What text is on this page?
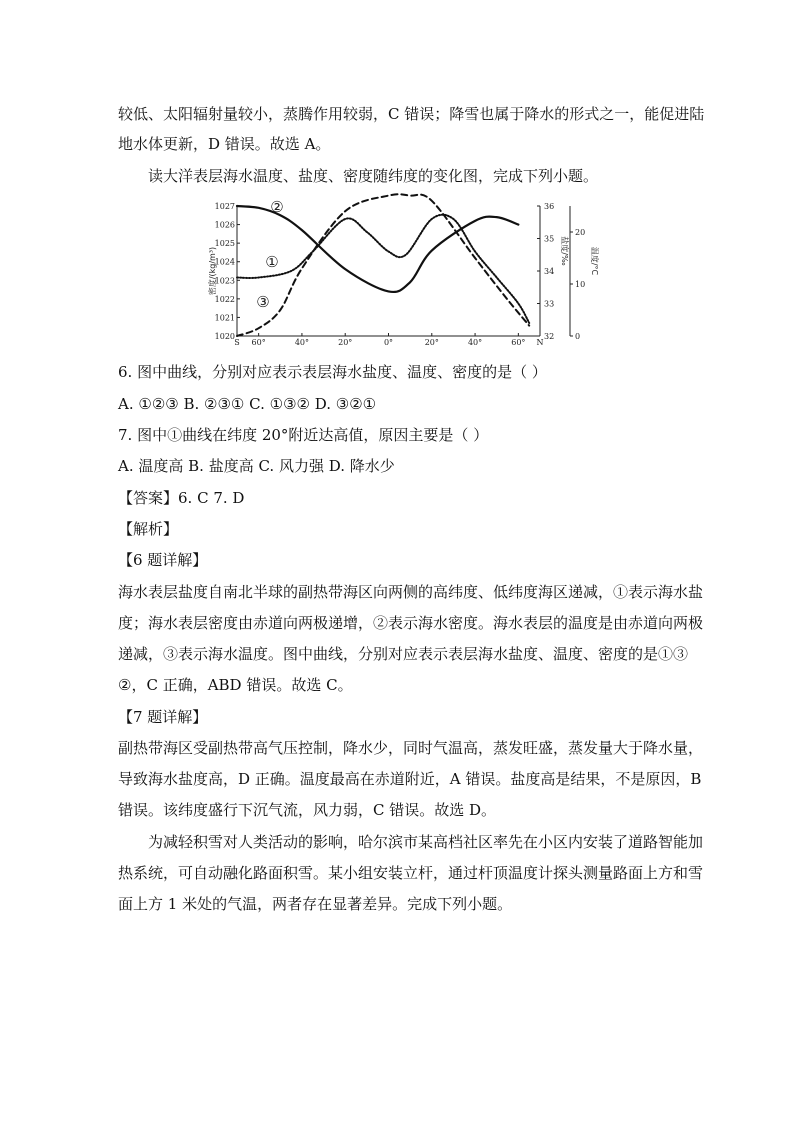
较低、太阳辐射量较小，蒸腾作用较弱，C 错误；降雪也属于降水的形式之一，能促进陆
地水体更新，D 错误。故选 A。
读大洋表层海水温度、盐度、密度随纬度的变化图，完成下列小题。
1020
1021
1022
1023
1024
1025
1026
1027
密度/(kg/m³)
32
33
34
35
36
盐度/‰
0
10
20
温度/°C
S 60°	40°	20°	0°	20°	40°	60° N
②
①
③
6. 图中曲线，分别对应表示表层海水盐度、温度、密度的是（ ）
A. ①②③ B. ②③① C. ①③② D. ③②①
7. 图中①曲线在纬度 20°附近达高值，原因主要是（ ）
A. 温度高 B. 盐度高 C. 风力强 D. 降水少
【答案】6. C 7. D
【解析】
【6 题详解】
海水表层盐度自南北半球的副热带海区向两侧的高纬度、低纬度海区递减，①表示海水盐
度；海水表层密度由赤道向两极递增，②表示海水密度。海水表层的温度是由赤道向两极
递减，③表示海水温度。图中曲线，分别对应表示表层海水盐度、温度、密度的是①③
②，C 正确，ABD 错误。故选 C。
【7 题详解】
副热带海区受副热带高气压控制，降水少，同时气温高，蒸发旺盛，蒸发量大于降水量，
导致海水盐度高，D 正确。温度最高在赤道附近，A 错误。盐度高是结果，不是原因，B
错误。该纬度盛行下沉气流，风力弱，C 错误。故选 D。
为减轻积雪对人类活动的影响，哈尔滨市某高档社区率先在小区内安装了道路智能加
热系统，可自动融化路面积雪。某小组安装立杆，通过杆顶温度计探头测量路面上方和雪
面上方 1 米处的气温，两者存在显著差异。完成下列小题。
